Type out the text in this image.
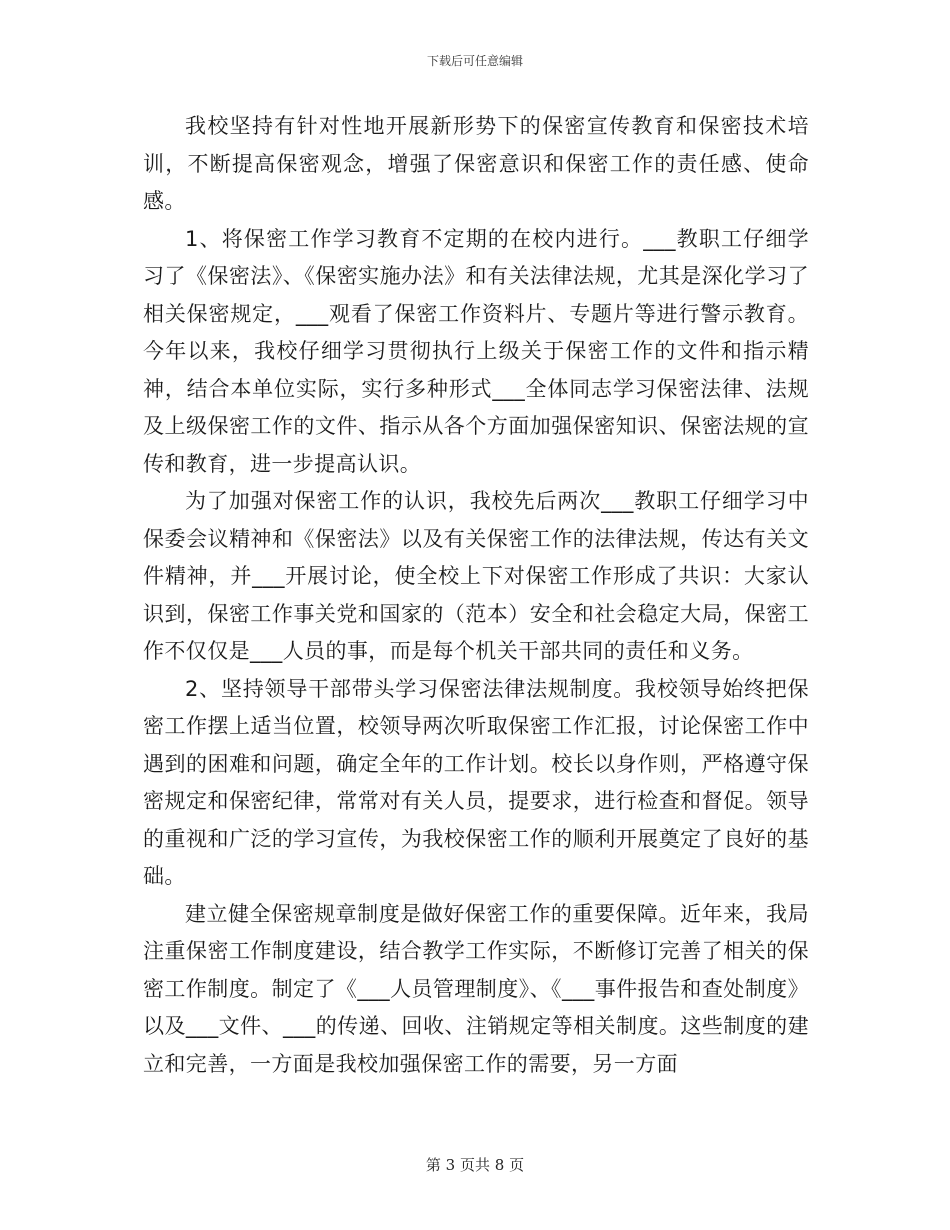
下载后可任意编辑

我校坚持有针对性地开展新形势下的保密宣传教育和保密技术培训，不断提高保密观念，增强了保密意识和保密工作的责任感、使命感。

1、将保密工作学习教育不定期的在校内进行。___教职工仔细学习了《保密法》、《保密实施办法》和有关法律法规，尤其是深化学习了相关保密规定，___观看了保密工作资料片、专题片等进行警示教育。今年以来，我校仔细学习贯彻执行上级关于保密工作的文件和指示精神，结合本单位实际，实行多种形式___全体同志学习保密法律、法规及上级保密工作的文件、指示从各个方面加强保密知识、保密法规的宣传和教育，进一步提高认识。

为了加强对保密工作的认识，我校先后两次___教职工仔细学习中保委会议精神和《保密法》以及有关保密工作的法律法规，传达有关文件精神，并___开展讨论，使全校上下对保密工作形成了共识：大家认识到，保密工作事关党和国家的（范本）安全和社会稳定大局，保密工作不仅仅是___人员的事，而是每个机关干部共同的责任和义务。

2、坚持领导干部带头学习保密法律法规制度。我校领导始终把保密工作摆上适当位置，校领导两次听取保密工作汇报，讨论保密工作中遇到的困难和问题，确定全年的工作计划。校长以身作则，严格遵守保密规定和保密纪律，常常对有关人员，提要求，进行检查和督促。领导的重视和广泛的学习宣传，为我校保密工作的顺利开展奠定了良好的基础。

建立健全保密规章制度是做好保密工作的重要保障。近年来，我局注重保密工作制度建设，结合教学工作实际，不断修订完善了相关的保密工作制度。制定了《___人员管理制度》、《___事件报告和查处制度》以及___文件、___的传递、回收、注销规定等相关制度。这些制度的建立和完善，一方面是我校加强保密工作的需要，另一方面

第 3 页共 8 页
